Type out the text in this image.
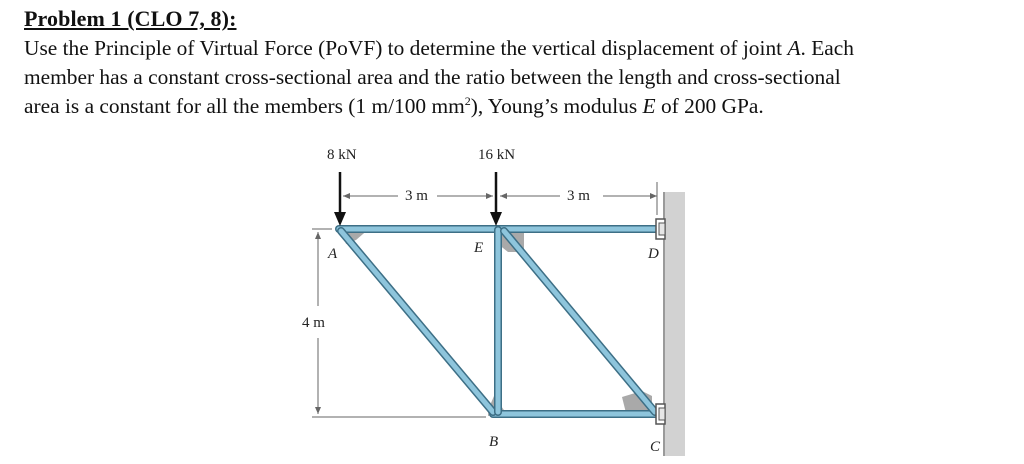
Problem 1 (CLO 7, 8):

Use the Principle of Virtual Force (PoVF) to determine the vertical displacement of joint A. Each

member has a constant cross-sectional area and the ratio between the length and cross-sectional

area is a constant for all the members (1 m/100 $mm^2$), Young’s modulus E of 200 GPa.

8 kN	16 kN
3 m	3 m
4 m
A	E	D
B	C
